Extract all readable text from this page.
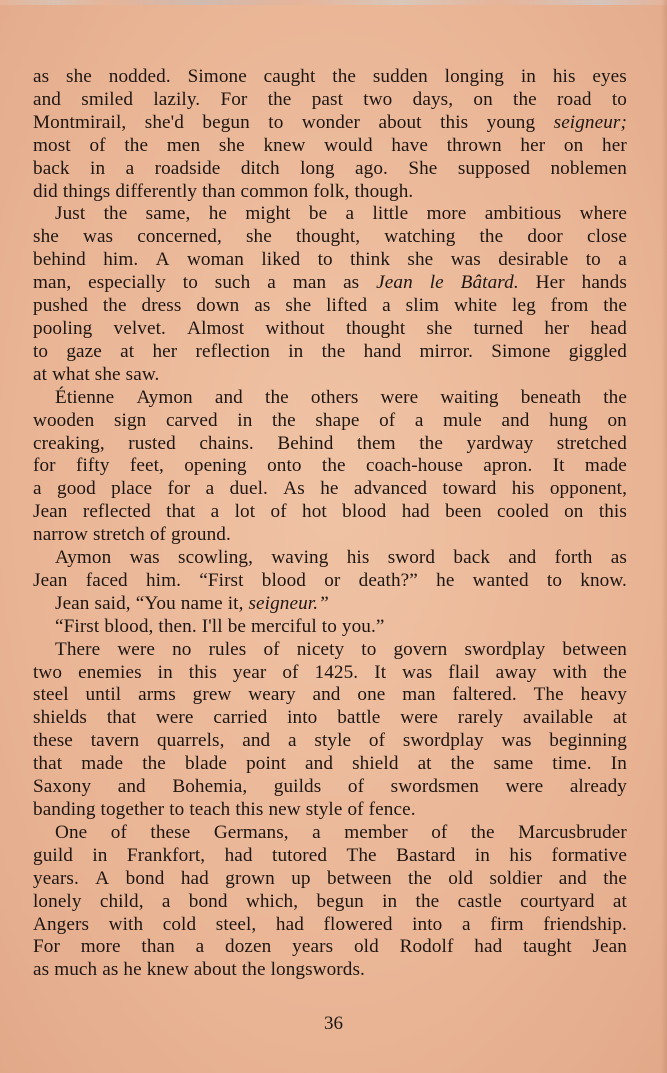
as she nodded. Simone caught the sudden longing in his eyes
and smiled lazily. For the past two days, on the road to
Montmirail, she'd begun to wonder about this young seigneur;
most of the men she knew would have thrown her on her
back in a roadside ditch long ago. She supposed noblemen
did things differently than common folk, though.
Just the same, he might be a little more ambitious where
she was concerned, she thought, watching the door close
behind him. A woman liked to think she was desirable to a
man, especially to such a man as Jean le Bâtard. Her hands
pushed the dress down as she lifted a slim white leg from the
pooling velvet. Almost without thought she turned her head
to gaze at her reflection in the hand mirror. Simone giggled
at what she saw.
Étienne Aymon and the others were waiting beneath the
wooden sign carved in the shape of a mule and hung on
creaking, rusted chains. Behind them the yardway stretched
for fifty feet, opening onto the coach-house apron. It made
a good place for a duel. As he advanced toward his opponent,
Jean reflected that a lot of hot blood had been cooled on this
narrow stretch of ground.
Aymon was scowling, waving his sword back and forth as
Jean faced him. “First blood or death?” he wanted to know.
Jean said, “You name it, seigneur.”
“First blood, then. I'll be merciful to you.”
There were no rules of nicety to govern swordplay between
two enemies in this year of 1425. It was flail away with the
steel until arms grew weary and one man faltered. The heavy
shields that were carried into battle were rarely available at
these tavern quarrels, and a style of swordplay was beginning
that made the blade point and shield at the same time. In
Saxony and Bohemia, guilds of swordsmen were already
banding together to teach this new style of fence.
One of these Germans, a member of the Marcusbruder
guild in Frankfort, had tutored The Bastard in his formative
years. A bond had grown up between the old soldier and the
lonely child, a bond which, begun in the castle courtyard at
Angers with cold steel, had flowered into a firm friendship.
For more than a dozen years old Rodolf had taught Jean
as much as he knew about the longswords.
36
